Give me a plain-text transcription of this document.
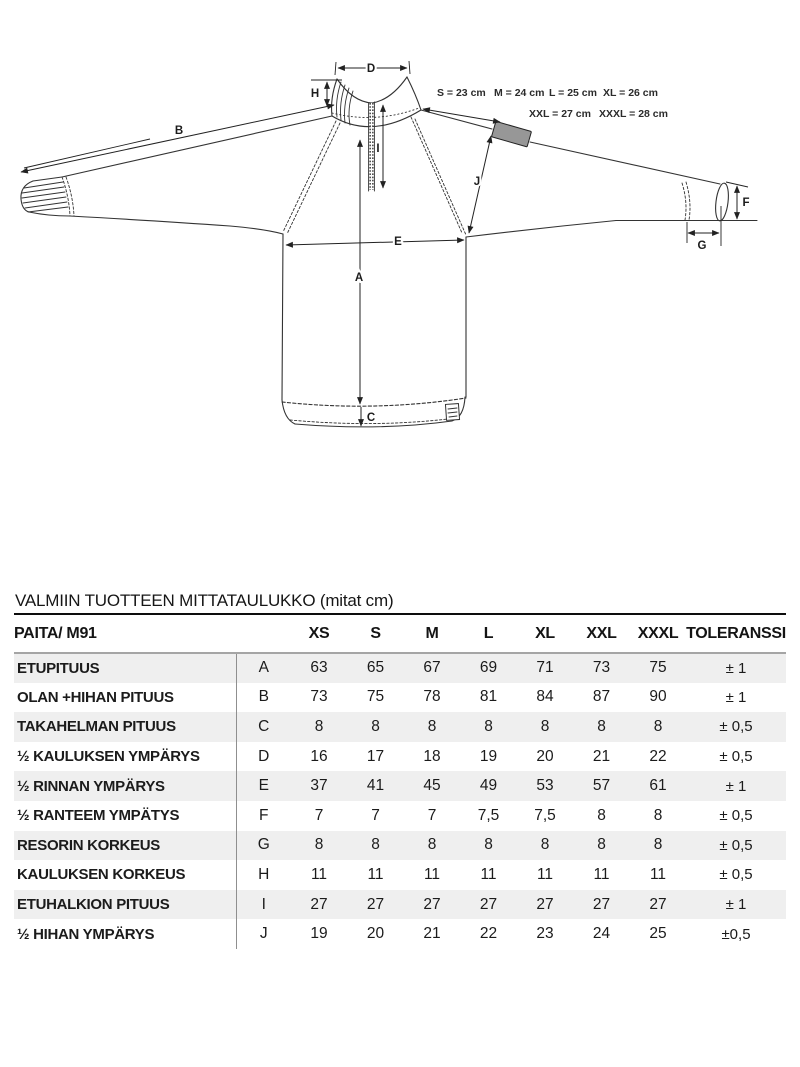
D
H
B
I
J
E
A
C
F
G
S = 23 cm M = 24 cm L = 25 cm XL = 26 cm
XXL = 27 cm XXXL = 28 cm
VALMIIN TUOTTEEN MITTATAULUKKO (mitat cm)
PAITA/ M91		XS	S	M	L	XL	XXL	XXXL	TOLERANSSI
ETUPITUUS	A	63	65	67	69	71	73	75	± 1
OLAN +HIHAN PITUUS	B	73	75	78	81	84	87	90	± 1
TAKAHELMAN PITUUS	C	8	8	8	8	8	8	8	± 0,5
½ KAULUKSEN YMPÄRYS	D	16	17	18	19	20	21	22	± 0,5
½ RINNAN YMPÄRYS	E	37	41	45	49	53	57	61	± 1
½ RANTEEM YMPÄTYS	F	7	7	7	7,5	7,5	8	8	± 0,5
RESORIN KORKEUS	G	8	8	8	8	8	8	8	± 0,5
KAULUKSEN KORKEUS	H	11	11	11	11	11	11	11	± 0,5
ETUHALKION PITUUS	I	27	27	27	27	27	27	27	± 1
½ HIHAN YMPÄRYS	J	19	20	21	22	23	24	25	±0,5
